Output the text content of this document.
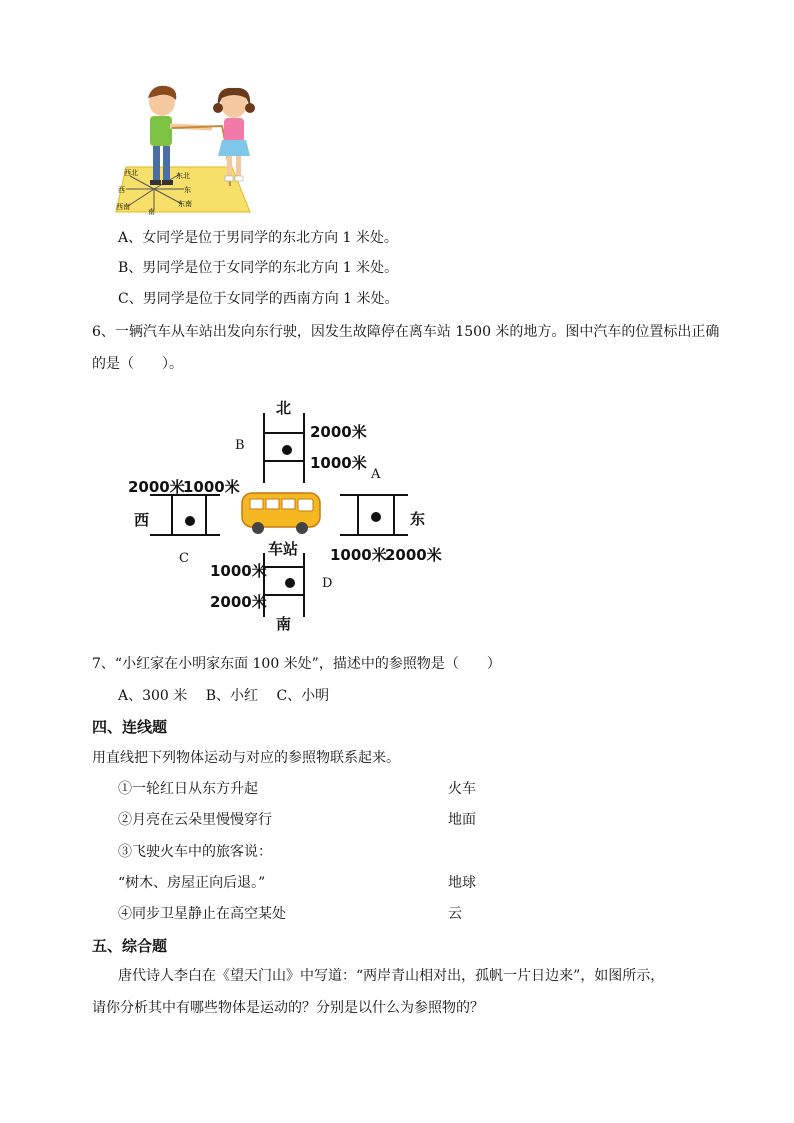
西北	东北
西	东
西南
南
东南
A、女同学是位于男同学的东北方向 1 米处。
B、男同学是位于女同学的东北方向 1 米处。
C、男同学是位于女同学的西南方向 1 米处。
6、一辆汽车从车站出发向东行驶，因发生故障停在离车站 1500 米的地方。图中汽车的位置标出正确
的是（　　）。
北
2000米
1000米
B
A
2000米
1000米
西	东
车站 1000米
2000米
C
1000米
D
2000米
南
7、“小红家在小明家东面 100 米处”，描述中的参照物是（　　）
A、300 米　 B、小红　 C、小明
四、连线题
用直线把下列物体运动与对应的参照物联系起来。
①一轮红日从东方升起	火车
②月亮在云朵里慢慢穿行	地面
③飞驶火车中的旅客说：
“树木、房屋正向后退。”	地球
④同步卫星静止在高空某处	云
五、综合题
唐代诗人李白在《望天门山》中写道：“两岸青山相对出，孤帆一片日边来”，如图所示，
请你分析其中有哪些物体是运动的？分别是以什么为参照物的？
